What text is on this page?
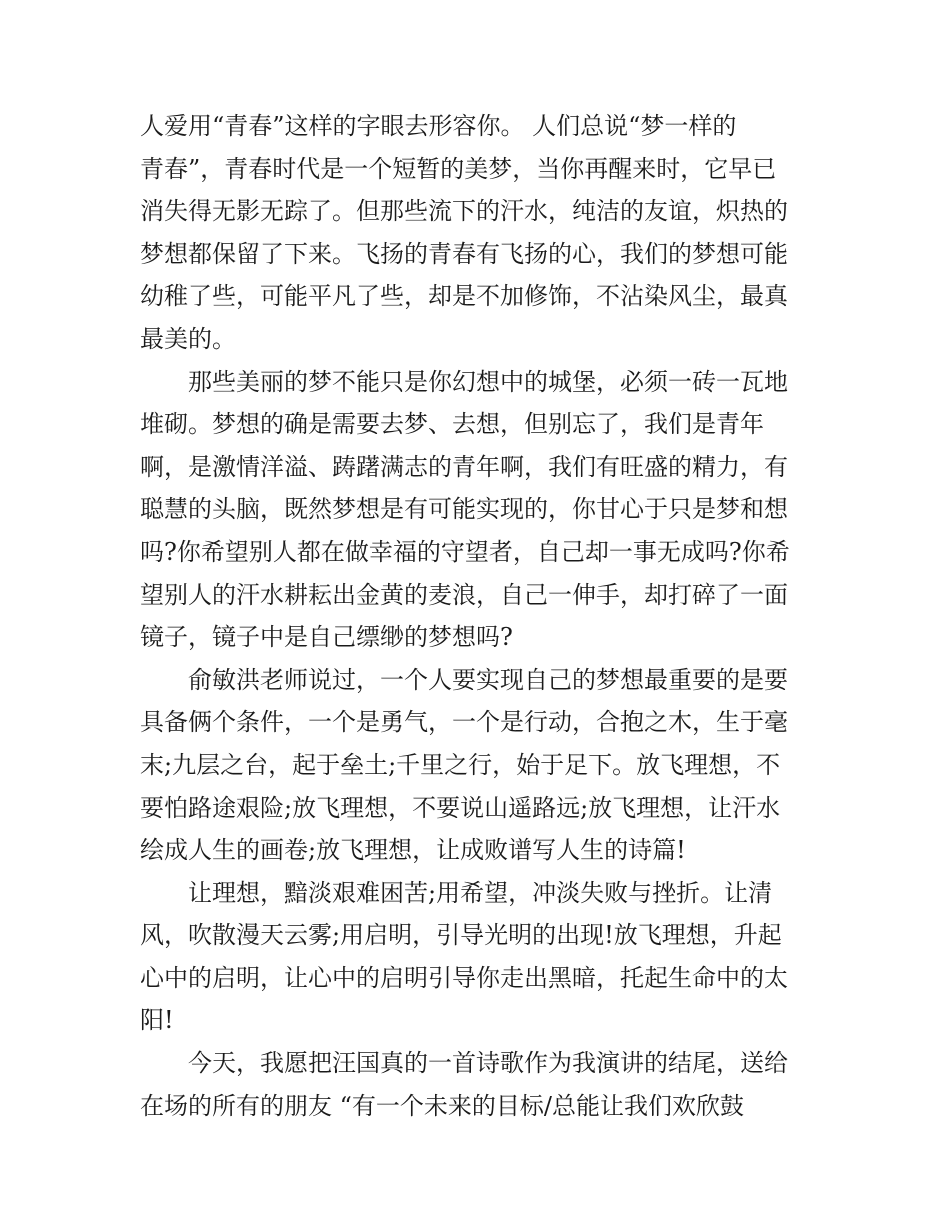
人爱用“青春”这样的字眼去形容你。 人们总说“梦一样的
青春”，青春时代是一个短暂的美梦，当你再醒来时，它早已
消失得无影无踪了。但那些流下的汗水，纯洁的友谊，炽热的
梦想都保留了下来。飞扬的青春有飞扬的心，我们的梦想可能
幼稚了些，可能平凡了些，却是不加修饰，不沾染风尘，最真
最美的。
那些美丽的梦不能只是你幻想中的城堡，必须一砖一瓦地
堆砌。梦想的确是需要去梦、去想，但别忘了，我们是青年
啊，是激情洋溢、踌躇满志的青年啊，我们有旺盛的精力，有
聪慧的头脑，既然梦想是有可能实现的，你甘心于只是梦和想
吗?你希望别人都在做幸福的守望者，自己却一事无成吗?你希
望别人的汗水耕耘出金黄的麦浪，自己一伸手，却打碎了一面
镜子，镜子中是自己缥缈的梦想吗?
俞敏洪老师说过，一个人要实现自己的梦想最重要的是要
具备俩个条件，一个是勇气，一个是行动，合抱之木，生于毫
末;九层之台，起于垒土;千里之行，始于足下。放飞理想，不
要怕路途艰险;放飞理想，不要说山遥路远;放飞理想，让汗水
绘成人生的画卷;放飞理想，让成败谱写人生的诗篇!
让理想，黯淡艰难困苦;用希望，冲淡失败与挫折。让清
风，吹散漫天云雾;用启明，引导光明的出现!放飞理想，升起
心中的启明，让心中的启明引导你走出黑暗，托起生命中的太
阳!
今天，我愿把汪国真的一首诗歌作为我演讲的结尾，送给
在场的所有的朋友 “有一个未来的目标/总能让我们欢欣鼓
